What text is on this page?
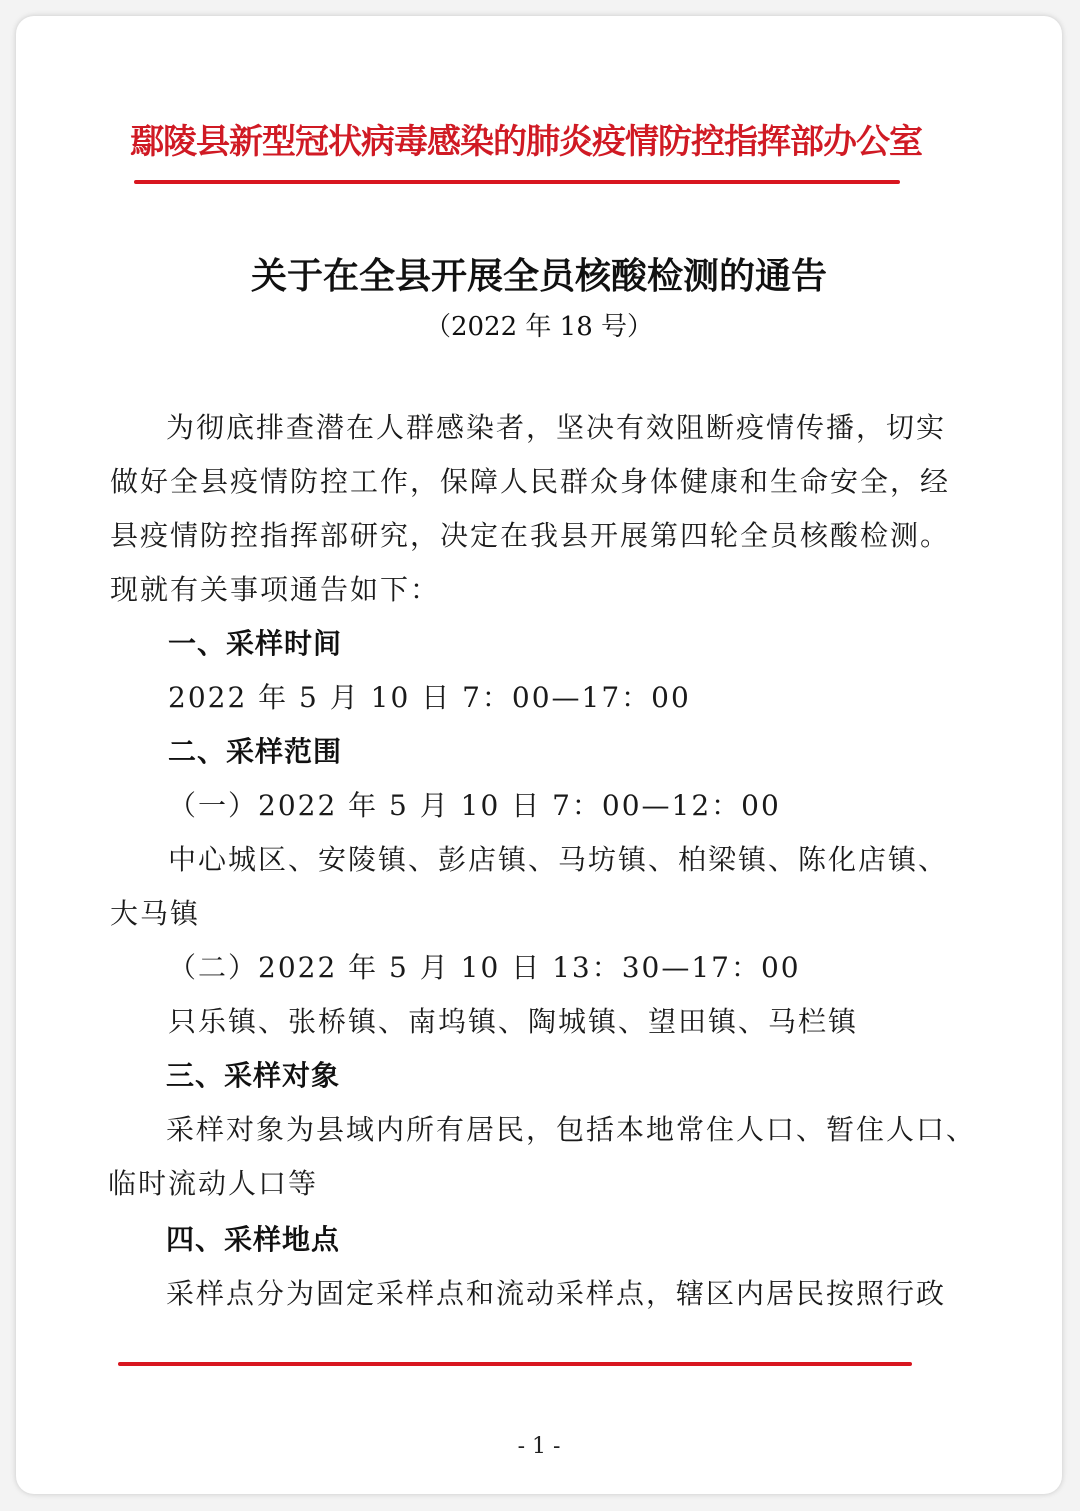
鄢陵县新型冠状病毒感染的肺炎疫情防控指挥部办公室
关于在全县开展全员核酸检测的通告
（2022 年 18 号）
为彻底排查潜在人群感染者，坚决有效阻断疫情传播，切实
做好全县疫情防控工作，保障人民群众身体健康和生命安全，经
县疫情防控指挥部研究，决定在我县开展第四轮全员核酸检测。
现就有关事项通告如下：
一、采样时间
2022 年 5 月 10 日 7：00—17：00
二、采样范围
（一）2022 年 5 月 10 日 7：00—12：00
中心城区、安陵镇、彭店镇、马坊镇、柏梁镇、陈化店镇、
大马镇
（二）2022 年 5 月 10 日 13：30—17：00
只乐镇、张桥镇、南坞镇、陶城镇、望田镇、马栏镇
三、采样对象
采样对象为县域内所有居民，包括本地常住人口、暂住人口、
临时流动人口等
四、采样地点
采样点分为固定采样点和流动采样点，辖区内居民按照行政
- 1 -
